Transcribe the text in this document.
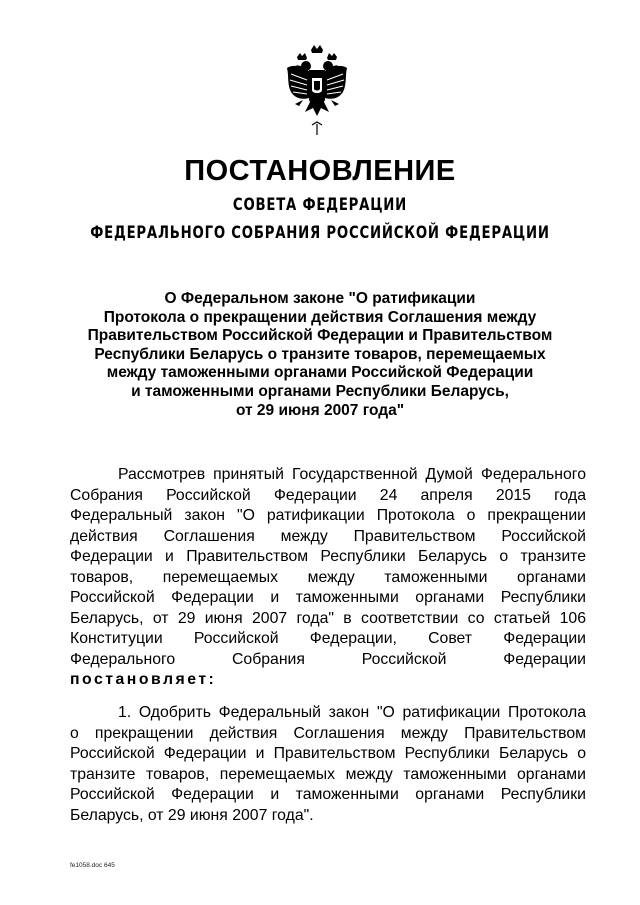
ПОСТАНОВЛЕНИЕ
СОВЕТА ФЕДЕРАЦИИ
ФЕДЕРАЛЬНОГО СОБРАНИЯ РОССИЙСКОЙ ФЕДЕРАЦИИ
О Федеральном законе "О ратификации
Протокола о прекращении действия Соглашения между
Правительством Российской Федерации и Правительством
Республики Беларусь о транзите товаров, перемещаемых
между таможенными органами Российской Федерации
и таможенными органами Республики Беларусь,
от 29 июня 2007 года"
Рассмотрев принятый Государственной Думой Федерального
Собрания Российской Федерации 24 апреля 2015 года
Федеральный закон "О ратификации Протокола о прекращении
действия Соглашения между Правительством Российской
Федерации и Правительством Республики Беларусь о транзите
товаров, перемещаемых между таможенными органами
Российской Федерации и таможенными органами Республики
Беларусь, от 29 июня 2007 года" в соответствии со статьей 106
Конституции Российской Федерации, Совет Федерации
Федерального Собрания Российской Федерации
постановляет:
1. Одобрить Федеральный закон "О ратификации Протокола
о прекращении действия Соглашения между Правительством
Российской Федерации и Правительством Республики Беларусь о
транзите товаров, перемещаемых между таможенными органами
Российской Федерации и таможенными органами Республики
Беларусь, от 29 июня 2007 года".
fe1058.doc 645
